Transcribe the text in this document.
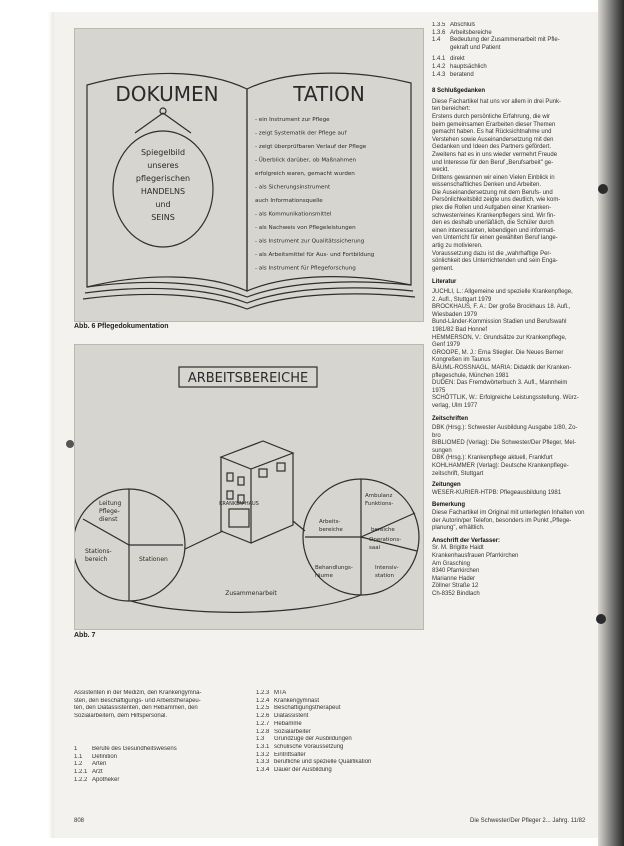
DOKUMEN	TATION
Spiegelbild
unseres
pflegerischen
HANDELNS
und
SEINS
- ein Instrument zur Pflege
- zeigt Systematik der Pflege auf
- zeigt überprüfbaren Verlauf der Pflege
- Überblick darüber, ob Maßnahmen
erfolgreich waren, gemacht wurden
- als Sicherungsinstrument
auch Informationsquelle
- als Kommunikationsmittel
- als Nachweis von Pflegeleistungen
- als Instrument zur Qualitätssicherung
- als Arbeitsmittel für Aus- und Fortbildung
- als Instrument für Pflegeforschung
Abb. 6 Pflegedokumentation
ARBEITSBEREICHE
KRANKEN-HAUS
Leitung
Pflege-
dienst
Stations-
bereich	Stationen
Arbeits-
bereiche
Ambulanz
Funktions-
bereiche
Operations-
saal
Intensiv-
station
Behandlungs-
räume
Zusammenarbeit
Abb. 7
Assistenten in der Medizin, den Krankengymna-
sten, den Beschäftigungs- und Arbeitstherapeu-
ten, den Diätassistenten, den Hebammen, den
Sozialarbeitern, dem Hilfspersonal.
1	Berufe des Gesundheitswesens
1.1	Definition
1.2	Arten
1.2.1 Arzt
1.2.2 Apotheker
1.2.3 MTA
1.2.4 Krankengymnast
1.2.5 Beschäftigungstherapeut
1.2.6 Diätassistent
1.2.7 Hebamme
1.2.8 Sozialarbeiter
1.3	Grundzüge der Ausbildungen
1.3.1 schulische Voraussetzung
1.3.2 Eintrittsalter
1.3.3 berufliche und spezielle Qualifikation
1.3.4 Dauer der Ausbildung
1.3.5 Abschluß
1.3.6 Arbeitsbereiche
1.4	Bedeutung der Zusammenarbeit mit Pfle-
gekraft und Patient
1.4.1 direkt
1.4.2 hauptsächlich
1.4.3 beratend
8 Schlußgedanken
Diese Fachartikel hat uns vor allem in drei Punk-
ten bereichert:
Erstens durch persönliche Erfahrung, die wir
beim gemeinsamen Erarbeiten dieser Themen
gemacht haben. Es hat Rücksichtnahme und
Verstehen sowie Auseinandersetzung mit den
Gedanken und Ideen des Partners gefördert.
Zweitens hat es in uns wieder vermehrt Freude
und Interesse für den Beruf „Berufsarbeit" ge-
weckt.
Drittens gewannen wir einen Vielen Einblick in
wissenschaftliches Denken und Arbeiten.
Die Auseinandersetzung mit dem Berufs- und
Persönlichkeitsbild zeigte uns deutlich, wie kom-
plex die Rollen und Aufgaben einer Kranken-
schwester/eines Krankenpflegers sind. Wir fin-
den es deshalb unerläßlich, die Schüler durch
einen interessanten, lebendigen und informati-
ven Unterricht für einen gewählten Beruf lange-
artig zu motivieren.
Voraussetzung dazu ist die „wahrhaftige Per-
sönlichkeit des Unterrichtenden und sein Enga-
gement.
Literatur
JUCHLI, L.: Allgemeine und spezielle Krankenpflege,
2. Aufl., Stuttgart 1979
BROCKHAUS, F. A.: Der große Brockhaus 18. Aufl.,
Wiesbaden 1979
Bund-Länder-Kommission Stadien und Berufswahl
1981/82 Bad Honnef
HEMMERSON, V.: Grundsätze zur Krankenpflege,
Genf 1979
GROOPE, M. J.: Erna Stiegler. Die Neues Berner
Kongreßen im Taunus
BÄUML-ROSSNAGL, MARIA: Didaktik der Kranken-
pflegeschule, München 1981
DUDEN: Das Fremdwörterbuch 3. Aufl., Mannheim
1975
SCHÖTTLIK, W.: Erfolgreiche Leistungsstellung. Würz-
verlag, Ulm 1977
Zeitschriften
DBK (Hrsg.): Schwester Ausbildung Ausgabe 1/80, Zo-
bro
BIBLIOMED (Verlag): Die Schwester/Der Pfleger, Mel-
sungen
DBK (Hrsg.): Krankenpflege aktuell, Frankfurt
KOHLHAMMER (Verlag): Deutsche Krankenpflege-
zeitschrift, Stuttgart
Zeitungen
WESER-KURIER-HTPB: Pflegeausbildung 1981
Bemerkung
Diese Fachartikel im Original mit unterlegten Inhalten von
der Autorin/per Telefon, besonders im Punkt „Pflege-
planung", erhältlich.
Anschrift der Verfasser:
Sr. M. Brigitte Haidt
Krankenhausfrauen Pfarrkirchen
Am Grasching
8340 Pfarrkirchen
Marianne Hader
Zöllner Straße 12
Ch-8352 Bindlach
808	Die Schwester/Der Pfleger 2... Jahrg. 11/82
